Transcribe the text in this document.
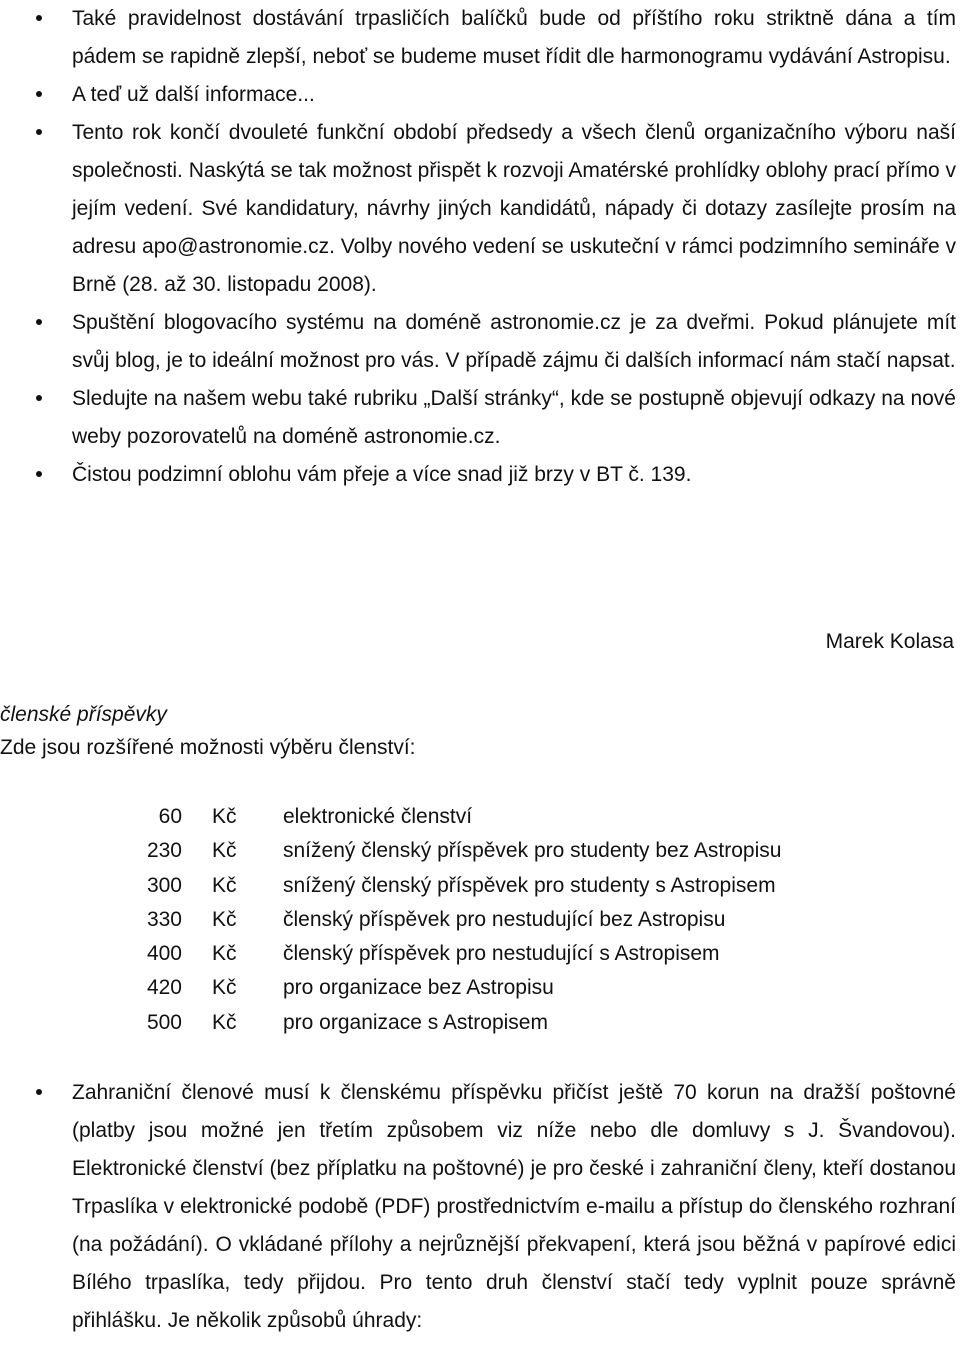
Také pravidelnost dostávání trpasličích balíčků bude od příštího roku striktně dána a tím pádem se rapidně zlepší, neboť se budeme muset řídit dle harmonogramu vydávání Astropisu.
A teď už další informace...
Tento rok končí dvouleté funkční období předsedy a všech členů organizačního výboru naší společnosti. Naskýtá se tak možnost přispět k rozvoji Amatérské prohlídky oblohy prací přímo v jejím vedení. Své kandidatury, návrhy jiných kandidátů, nápady či dotazy zasílejte prosím na adresu apo@astronomie.cz. Volby nového vedení se uskuteční v rámci podzimního semináře v Brně (28. až 30. listopadu 2008).
Spuštění blogovacího systému na doméně astronomie.cz je za dveřmi. Pokud plánujete mít svůj blog, je to ideální možnost pro vás. V případě zájmu či dalších informací nám stačí napsat.
Sledujte na našem webu také rubriku „Další stránky“, kde se postupně objevují odkazy na nové weby pozorovatelů na doméně astronomie.cz.
Čistou podzimní oblohu vám přeje a více snad již brzy v BT č. 139.
Marek Kolasa
členské příspěvky
Zde jsou rozšířené možnosti výběru členství:
60 Kč elektronické členství
230 Kč snížený členský příspěvek pro studenty bez Astropisu
300 Kč snížený členský příspěvek pro studenty s Astropisem
330 Kč členský příspěvek pro nestudující bez Astropisu
400 Kč členský příspěvek pro nestudující s Astropisem
420 Kč pro organizace bez Astropisu
500 Kč pro organizace s Astropisem
Zahraniční členové musí k členskému příspěvku přičíst ještě 70 korun na dražší poštovné (platby jsou možné jen třetím způsobem viz níže nebo dle domluvy s J. Švandovou). Elektronické členství (bez příplatku na poštovné) je pro české i zahraniční členy, kteří dostanou Trpaslíka v elektronické podobě (PDF) prostřednictvím e-mailu a přístup do členského rozhraní (na požádání). O vkládané přílohy a nejrůznější překvapení, která jsou běžná v papírové edici Bílého trpaslíka, tedy přijdou. Pro tento druh členství stačí tedy vyplnit pouze správně přihlášku. Je několik způsobů úhrady:
